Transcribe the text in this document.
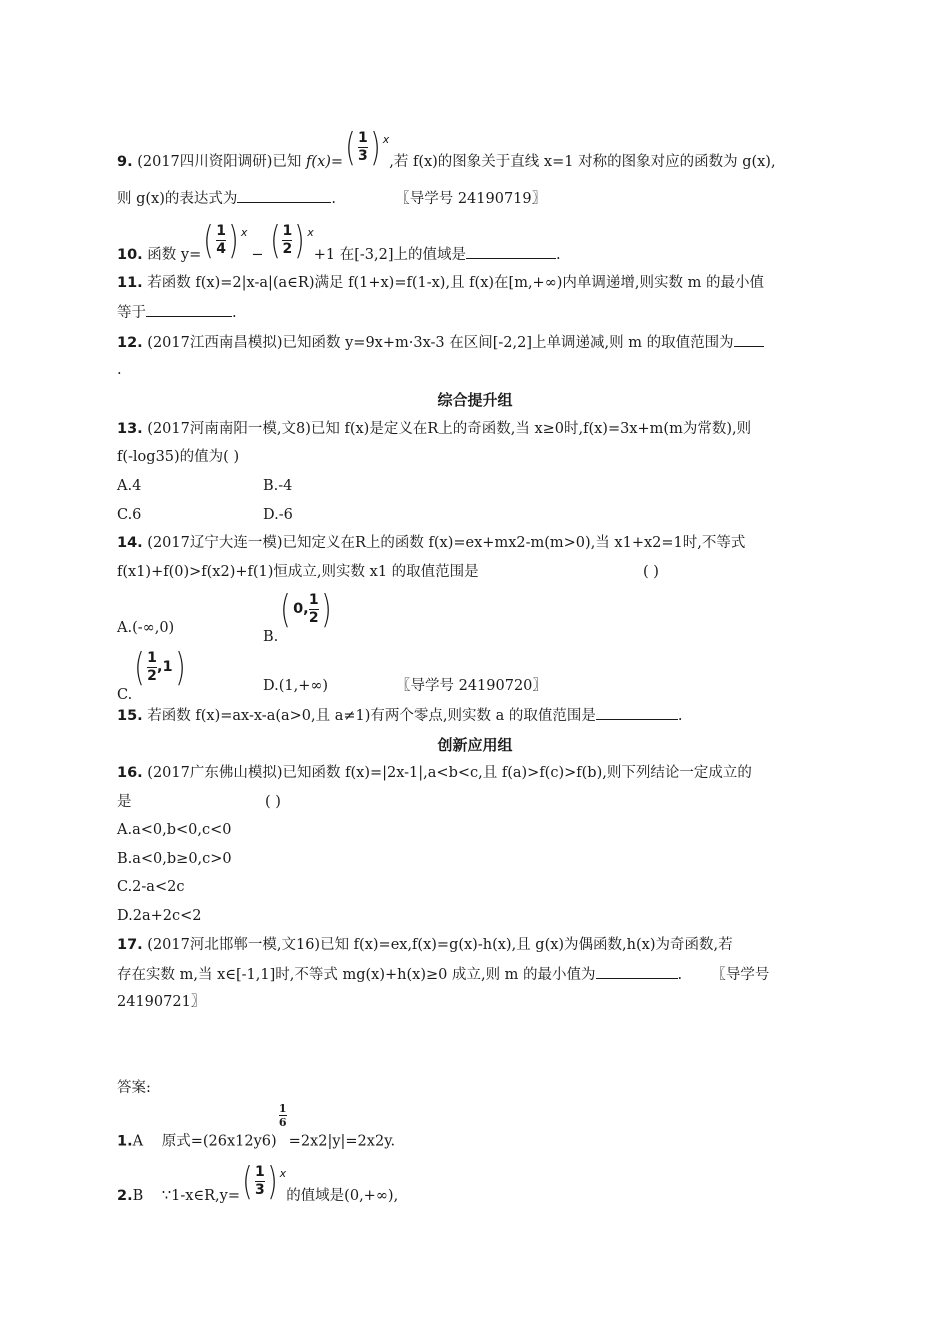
9. (2017四川资阳调研)已知 f(x)= ( 1
3 ) x
,若 f(x)的图象关于直线 x=1 对称的图象对应的函数为 g(x),
则 g(x)的表达式为	.	〖导学号 24190719〗
10. 函数 y= ( 1
4 ) x
− ( 1
2 ) x
+1 在[-3,2]上的值域是	.
11. 若函数 f(x)=2|x-a|(a∈R)满足 f(1+x)=f(1-x),且 f(x)在[m,+∞)内单调递增,则实数 m 的最小值
等于	.
12. (2017江西南昌模拟)已知函数 y=9x+m·3x-3 在区间[-2,2]上单调递减,则 m 的取值范围为
.
综合提升组
13. (2017河南南阳一模,文8)已知 f(x)是定义在R上的奇函数,当 x≥0时,f(x)=3x+m(m为常数),则
f(-log35)的值为( )
A.4	B.-4
C.6	D.-6
14. (2017辽宁大连一模)已知定义在R上的函数 f(x)=ex+mx2-m(m>0),当 x1+x2=1时,不等式
f(x1)+f(0)>f(x2)+f(1)恒成立,则实数 x1 的取值范围是	( )
A.(-∞,0)
B.
( 0,
1
2 )
C.
( 1
2
,1 )	D.(1,+∞)	〖导学号 24190720〗
15. 若函数 f(x)=ax-x-a(a>0,且 a≠1)有两个零点,则实数 a 的取值范围是	.
创新应用组
16. (2017广东佛山模拟)已知函数 f(x)=|2x-1|,a<b<c,且 f(a)>f(c)>f(b),则下列结论一定成立的
是	( )
A.a<0,b<0,c<0
B.a<0,b≥0,c>0
C.2-a<2c
D.2a+2c<2
17. (2017河北邯郸一模,文16)已知 f(x)=ex,f(x)=g(x)-h(x),且 g(x)为偶函数,h(x)为奇函数,若
存在实数 m,当 x∈[-1,1]时,不等式 mg(x)+h(x)≥0 成立,则 m 的最小值为	. 〖导学号
24190721〗
答案:
1.A 原式=(26x12y6)
$\frac{1}{6}$
=2x2|y|=2x2y.
2.B ∵1-x∈R,y= ( 1
3 ) x
的值域是(0,+∞),
